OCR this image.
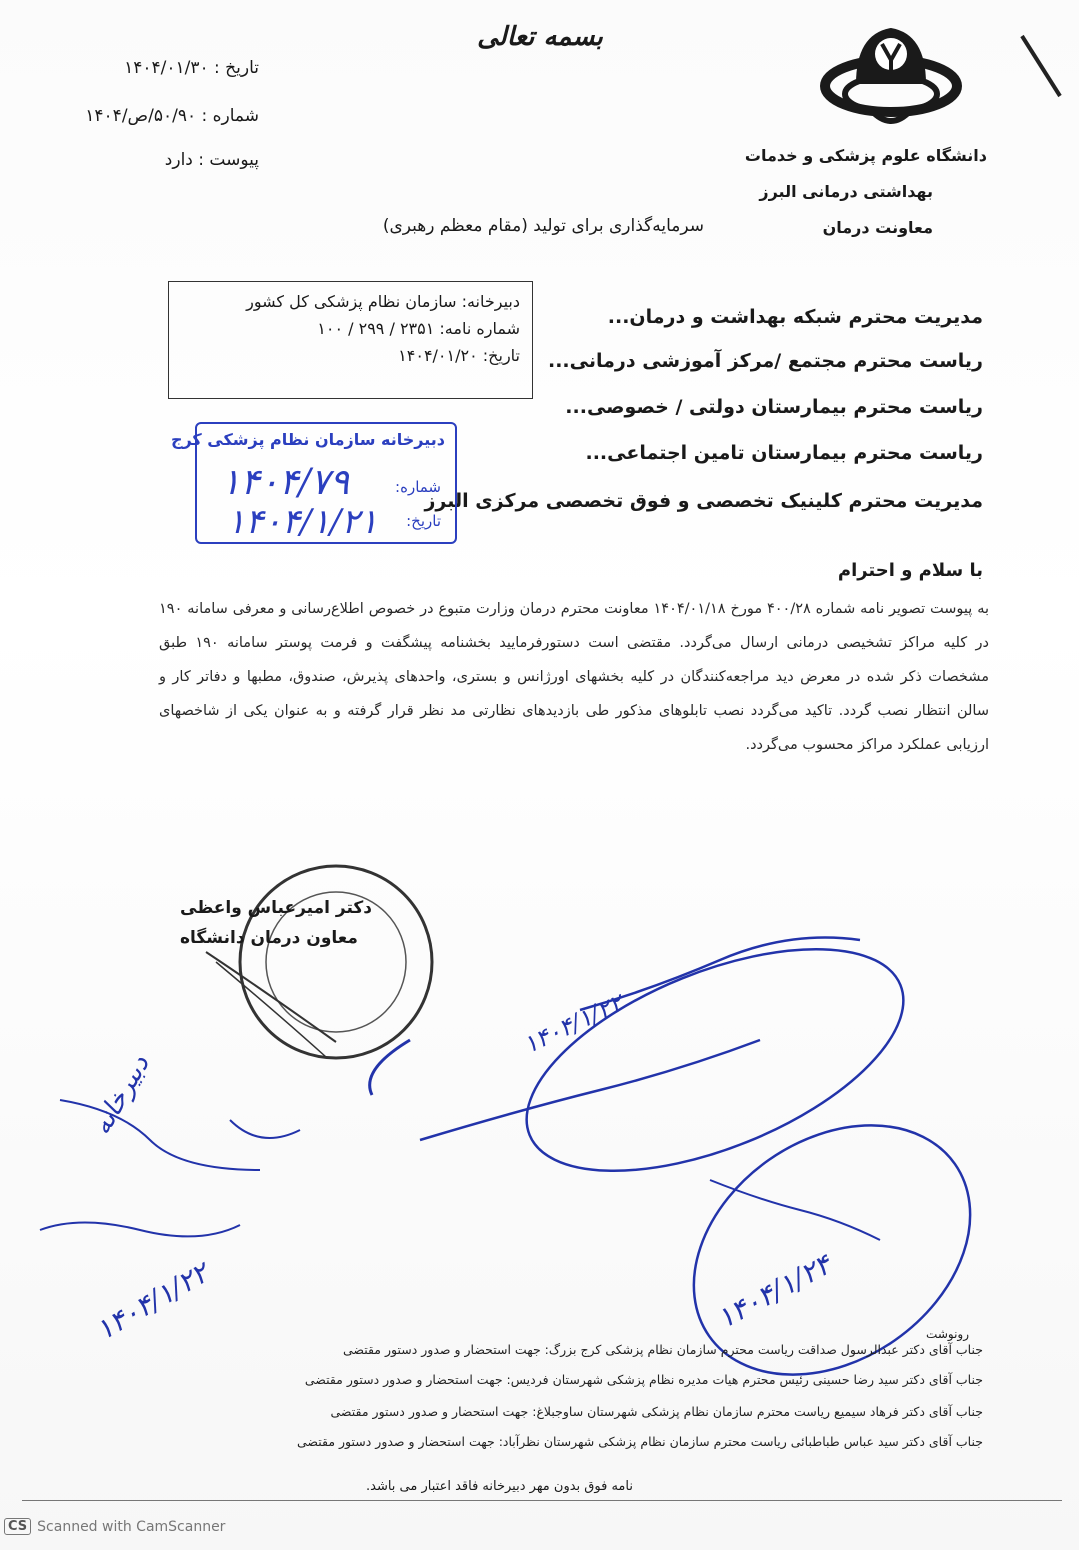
بسمه تعالی
تاریخ : ۱۴۰۴/۰۱/۳۰
شماره : ۵۰/۹۰/ص/۱۴۰۴
پیوست : دارد	دانشگاه علوم پزشکی و خدمات
بهداشتی درمانی البرز
معاونت درمان
سرمایه‌گذاری برای تولید (مقام معظم رهبری)
دبیرخانه: سازمان نظام پزشکی کل کشور
شماره نامه: ۲۳۵۱ / ۲۹۹ / ۱۰۰
تاریخ: ۱۴۰۴/۰۱/۲۰
مدیریت محترم شبکه بهداشت و درمان...
ریاست محترم مجتمع /مرکز آموزشی درمانی...
ریاست محترم بیمارستان دولتی / خصوصی...
ریاست محترم بیمارستان تامین اجتماعی...
مدیریت محترم کلینیک تخصصی و فوق تخصصی مرکزی البرز
دبیرخانه سازمان نظام پزشکی کرج
شماره:
تاریخ:
۱۴۰۴/۷۹
۱۴۰۴/۱/۲۱
با سلام و احترام
به پیوست تصویر نامه شماره ۴۰۰/۲۸ مورخ ۱۴۰۴/۰۱/۱۸ معاونت محترم درمان وزارت متبوع در خصوص اطلاع‌رسانی و معرفی سامانه ۱۹۰ در کلیه مراکز تشخیصی درمانی ارسال می‌گردد. مقتضی است دستورفرمایید بخشنامه پیشگفت و فرمت پوستر سامانه ۱۹۰ طبق مشخصات ذکر شده در معرض دید مراجعه‌کنندگان در کلیه بخشهای اورژانس و بستری، واحدهای پذیرش، صندوق، مطبها و دفاتر کار و سالن انتظار نصب گردد. تاکید می‌گردد نصب تابلوهای مذکور طی بازدیدهای نظارتی مد نظر قرار گرفته و به عنوان یکی از شاخصهای ارزیابی عملکرد مراکز محسوب می‌گردد.
دکتر امیرعباس واعظی
معاون درمان دانشگاه
دبیرخانه
۱۴۰۴/۱/۲۲
۱۴۰۴/۱/۲۲
۱۴۰۴/۱/۲۴	رونوشت
جناب آقای دکتر عبدالرسول صداقت ریاست محترم سازمان نظام پزشکی کرج بزرگ: جهت استحضار و صدور دستور مقتضی
جناب آقای دکتر سید رضا حسینی رئیس محترم هیات مدیره نظام پزشکی شهرستان فردیس: جهت استحضار و صدور دستور مقتضی
جناب آقای دکتر فرهاد سیمیع ریاست محترم سازمان نظام پزشکی شهرستان ساوجبلاغ: جهت استحضار و صدور دستور مقتضی
جناب آقای دکتر سید عباس طباطبائی ریاست محترم سازمان نظام پزشکی شهرستان نظرآباد: جهت استحضار و صدور دستور مقتضی
نامه فوق بدون مهر دبیرخانه فاقد اعتبار می باشد.
CS Scanned with CamScanner
